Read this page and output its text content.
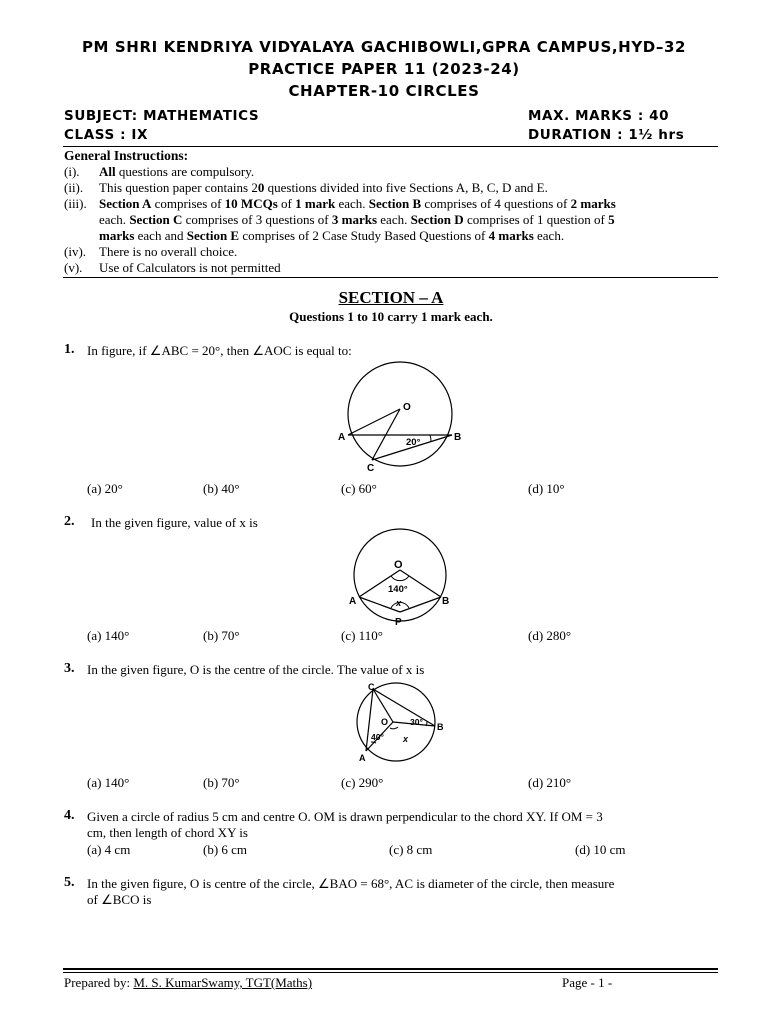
PM SHRI KENDRIYA VIDYALAYA GACHIBOWLI,GPRA CAMPUS,HYD–32
PRACTICE PAPER 11 (2023-24)
CHAPTER-10 CIRCLES
SUBJECT: MATHEMATICS	MAX. MARKS : 40
CLASS : IX	DURATION : 1½ hrs
General Instructions:
(i). All questions are compulsory.
(ii). This question paper contains 20 questions divided into five Sections A, B, C, D and E.
(iii). Section A comprises of 10 MCQs of 1 mark each. Section B comprises of 4 questions of 2 marks
each. Section C comprises of 3 questions of 3 marks each. Section D comprises of 1 question of 5
marks each and Section E comprises of 2 Case Study Based Questions of 4 marks each.
(iv). There is no overall choice.
(v). Use of Calculators is not permitted
SECTION – A
Questions 1 to 10 carry 1 mark each.
1. In figure, if ∠ABC = 20°, then ∠AOC is equal to:
O
A	B
C
20°
(a) 20°	(b) 40°	(c) 60°	(d) 10°
2. In the given figure, value of x is
O
140°
x
A	B
P
(a) 140°	(b) 70°	(c) 110°	(d) 280°
3. In the given figure, O is the centre of the circle. The value of x is
C
O	B
A
30°
40° x
(a) 140°	(b) 70°	(c) 290°	(d) 210°
4. Given a circle of radius 5 cm and centre O. OM is drawn perpendicular to the chord XY. If OM = 3
cm, then length of chord XY is
(a) 4 cm	(b) 6 cm	(c) 8 cm	(d) 10 cm
5. In the given figure, O is centre of the circle, ∠BAO = 68°, AC is diameter of the circle, then measure
of ∠BCO is
Prepared by: M. S. KumarSwamy, TGT(Maths)	Page - 1 -
